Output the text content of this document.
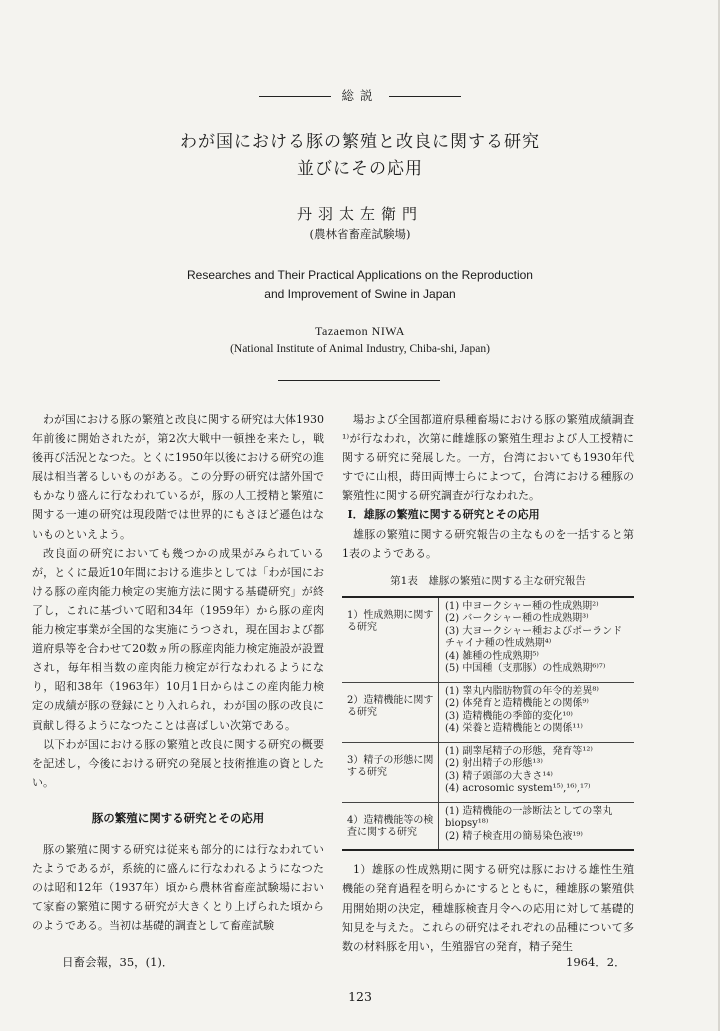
総説
わが国における豚の繁殖と改良に関する研究
並びにその応用
丹羽太左衛門
(農林省畜産試験場)
Researches and Their Practical Applications on the Reproduction
and Improvement of Swine in Japan
Tazaemon NIWA
(National Institute of Animal Industry, Chiba-shi, Japan)

わが国における豚の繁殖と改良に関する研究は大体1930年前後に開始されたが，第2次大戦中一頓挫を来たし，戦後再び活況となつた。とくに1950年以後における研究の進展は相当著るしいものがある。この分野の研究は諸外国でもかなり盛んに行なわれているが，豚の人工授精と繁殖に関する一連の研究は現段階では世界的にもさほど遜色はないものといえよう。

改良面の研究においても幾つかの成果がみられているが，とくに最近10年間における進歩としては「わが国における豚の産肉能力検定の実施方法に関する基礎研究」が終了し，これに基づいて昭和34年（1959年）から豚の産肉能力検定事業が全国的な実施にうつされ，現在国および都道府県等を合わせて20数ヵ所の豚産肉能力検定施設が設置され，毎年相当数の産肉能力検定が行なわれるようになり，昭和38年（1963年）10月1日からはこの産肉能力検定の成績が豚の登録にとり入れられ，わが国の豚の改良に貢献し得るようになつたことは喜ばしい次第である。

以下わが国における豚の繁殖と改良に関する研究の概要を記述し，今後における研究の発展と技術推進の資としたい。

豚の繁殖に関する研究とその応用

豚の繁殖に関する研究は従来も部分的には行なわれていたようであるが，系統的に盛んに行なわれるようになつたのは昭和12年（1937年）頃から農林省畜産試験場において家畜の繁殖に関する研究が大きくとり上げられた頃からのようである。当初は基礎的調査として畜産試験

場および全国都道府県種畜場における豚の繁殖成績調査¹⁾が行なわれ，次第に雌雄豚の繁殖生理および人工授精に関する研究に発展した。一方，台湾においても1930年代すでに山根，蒔田両博士らによつて，台湾における種豚の繁殖性に関する研究調査が行なわれた。

I．雄豚の繁殖に関する研究とその応用

雄豚の繁殖に関する研究報告の主なものを一括すると第1表のようである。

第1表　雄豚の繁殖に関する主な研究報告
1）性成熟期に関する研究	(1) 中ヨークシャー種の性成熟期²⁾
(2) バークシャー種の性成熟期³⁾
(3) 大ヨークシャー種およびポーランドチャイナ種の性成熟期⁴⁾
(4) 雑種の性成熟期⁵⁾
(5) 中国種（支那豚）の性成熟期⁶⁾⁷⁾

2）造精機能に関する研究	(1) 睾丸内脂肪物質の年令的差異⁸⁾
(2) 体発育と造精機能との関係⁹⁾
(3) 造精機能の季節的変化¹⁰⁾
(4) 栄養と造精機能との関係¹¹⁾

3）精子の形態に関する研究	(1) 副睾尾精子の形態，発育等¹²⁾
(2) 射出精子の形態¹³⁾
(3) 精子頭部の大きさ¹⁴⁾
(4) acrosomic system¹⁵⁾,¹⁶⁾,¹⁷⁾

4）造精機能等の検査に関する研究	(1) 造精機能の一診断法としての睾丸 biopsy¹⁸⁾
(2) 精子検査用の簡易染色液¹⁹⁾

1）雄豚の性成熟期に関する研究は豚における雄性生殖機能の発育過程を明らかにするとともに，種雄豚の繁殖供用開始期の決定，種雄豚検査月令への応用に対して基礎的知見を与えた。これらの研究はそれぞれの品種について多数の材料豚を用い，生殖器官の発育，精子発生

日畜会報，35，(1)．	1964．2．
123
